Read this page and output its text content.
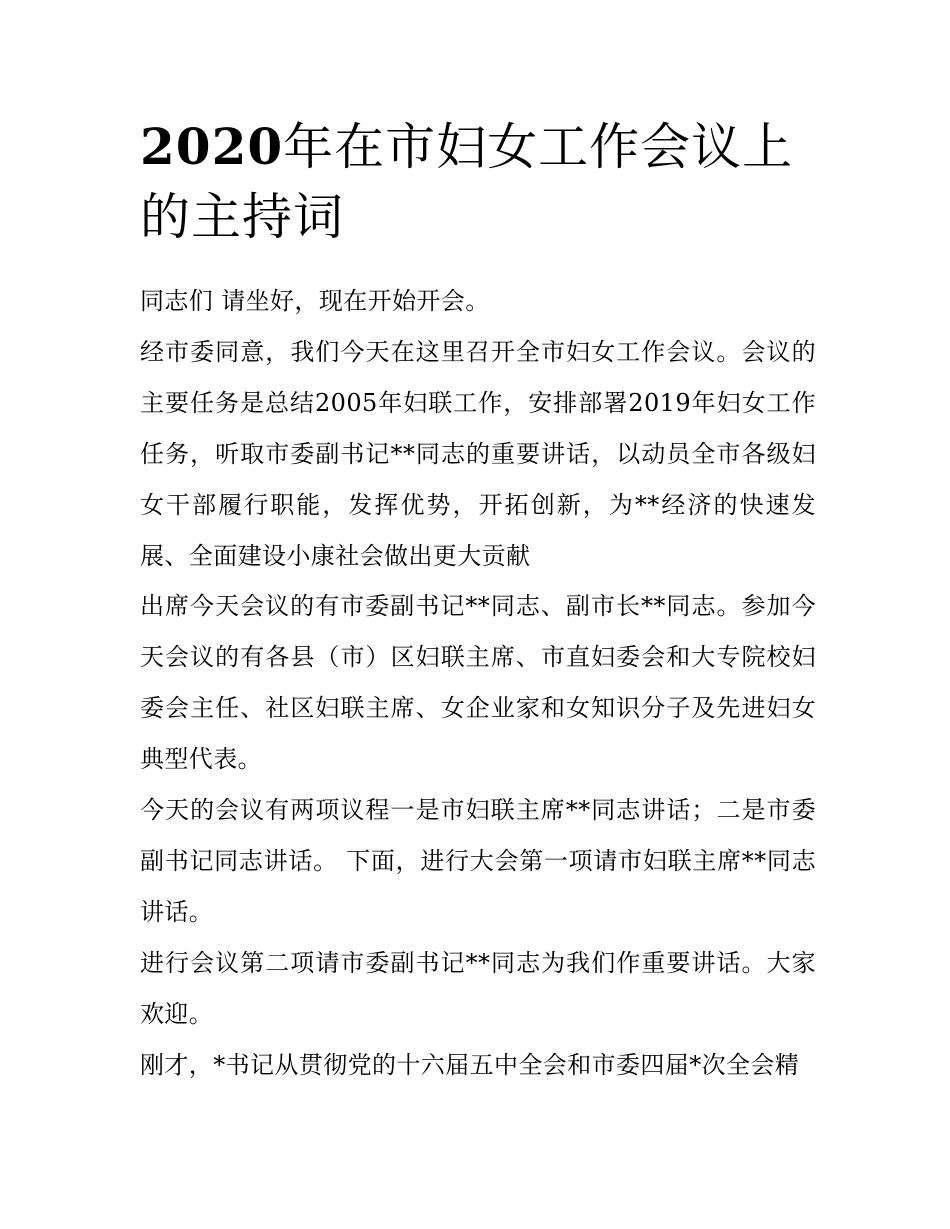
2020年在市妇女工作会议上的主持词

同志们 请坐好，现在开始开会。

经市委同意，我们今天在这里召开全市妇女工作会议。会议的主要任务是总结2005年妇联工作，安排部署2019年妇女工作任务，听取市委副书记**同志的重要讲话，以动员全市各级妇女干部履行职能，发挥优势，开拓创新，为**经济的快速发展、全面建设小康社会做出更大贡献

出席今天会议的有市委副书记**同志、副市长**同志。参加今天会议的有各县（市）区妇联主席、市直妇委会和大专院校妇委会主任、社区妇联主席、女企业家和女知识分子及先进妇女典型代表。

今天的会议有两项议程一是市妇联主席**同志讲话；二是市委副书记同志讲话。 下面，进行大会第一项请市妇联主席**同志讲话。

进行会议第二项请市委副书记**同志为我们作重要讲话。大家欢迎。

刚才，*书记从贯彻党的十六届五中全会和市委四届*次全会精
